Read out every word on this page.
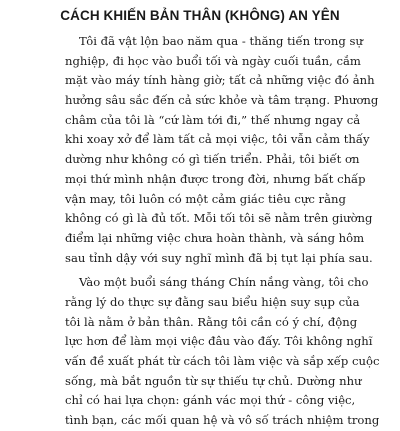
CÁCH KHIẾN BẢN THÂN (KHÔNG) AN YÊN
Tôi đã vật lộn bao năm qua - thăng tiến trong sự
nghiệp, đi học vào buổi tối và ngày cuối tuần, cắm
mặt vào máy tính hàng giờ; tất cả những việc đó ảnh
hưởng sâu sắc đến cả sức khỏe và tâm trạng. Phương
châm của tôi là “cứ làm tới đi,” thế nhưng ngay cả
khi xoay xở để làm tất cả mọi việc, tôi vẫn cảm thấy
dường như không có gì tiến triển. Phải, tôi biết ơn
mọi thứ mình nhận được trong đời, nhưng bất chấp
vận may, tôi luôn có một cảm giác tiêu cực rằng
không có gì là đủ tốt. Mỗi tối tôi sẽ nằm trên giường
điểm lại những việc chưa hoàn thành, và sáng hôm
sau tỉnh dậy với suy nghĩ mình đã bị tụt lại phía sau.
Vào một buổi sáng tháng Chín nắng vàng, tôi cho
rằng lý do thực sự đằng sau biểu hiện suy sụp của
tôi là nằm ở bản thân. Rằng tôi cần có ý chí, động
lực hơn để làm mọi việc đâu vào đấy. Tôi không nghĩ
vấn đề xuất phát từ cách tôi làm việc và sắp xếp cuộc
sống, mà bắt nguồn từ sự thiếu tự chủ. Dường như
chỉ có hai lựa chọn: gánh vác mọi thứ - công việc,
tình bạn, các mối quan hệ và vô số trách nhiệm trong
